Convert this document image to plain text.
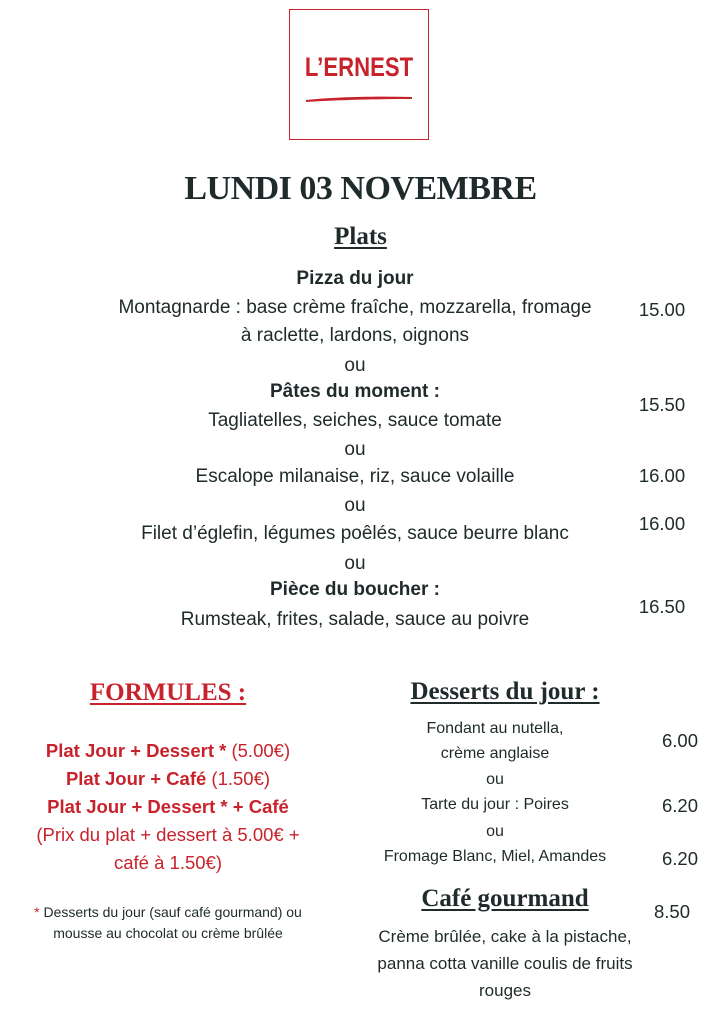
L’ERNEST
LUNDI 03 NOVEMBRE
Plats
Pizza du jour
Montagnarde : base crème fraîche, mozzarella, fromage
à raclette, lardons, oignons
15.00
ou
Pâtes du moment :
Tagliatelles, seiches, sauce tomate
15.50
ou
Escalope milanaise, riz, sauce volaille	16.00
ou
Filet d’églefin, légumes poêlés, sauce beurre blanc	16.00
ou
Pièce du boucher :
Rumsteak, frites, salade, sauce au poivre
16.50
FORMULES :
Plat Jour + Dessert * (5.00€)
Plat Jour + Café (1.50€)
Plat Jour + Dessert * + Café
(Prix du plat + dessert à 5.00€ +
café à 1.50€)
* Desserts du jour (sauf café gourmand) ou
mousse au chocolat ou crème brûlée
Desserts du jour :
Fondant au nutella,
crème anglaise
6.00
ou
Tarte du jour : Poires	6.20
ou
Fromage Blanc, Miel, Amandes	6.20
Café gourmand	8.50
Crème brûlée, cake à la pistache,
panna cotta vanille coulis de fruits
rouges
